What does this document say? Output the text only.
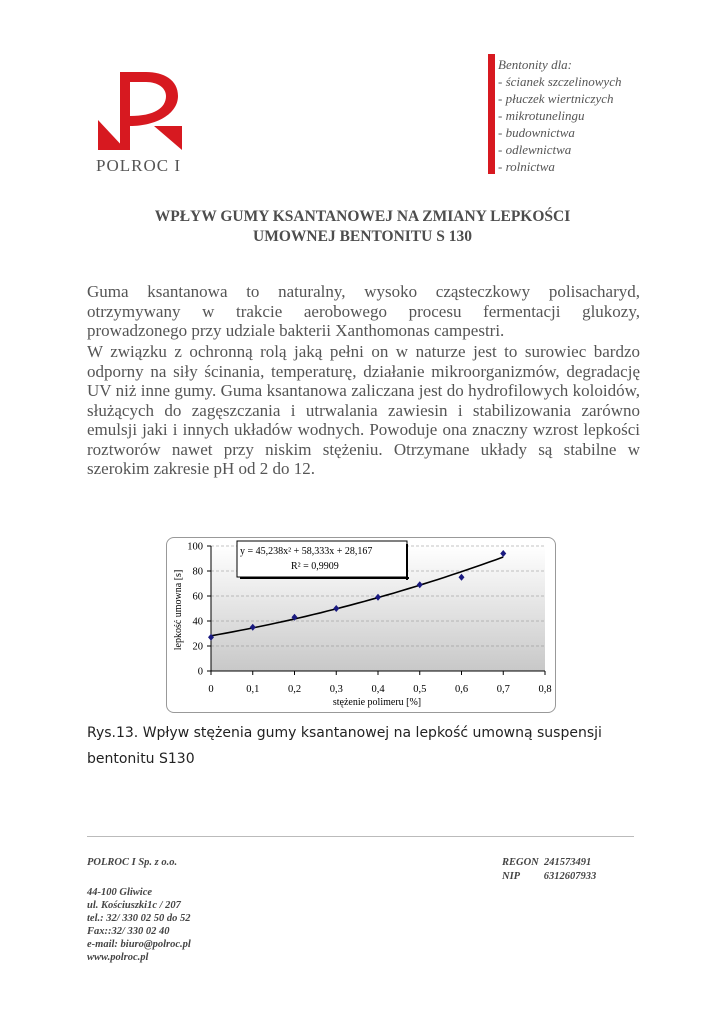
POLROC I
Bentonity dla:
- ścianek szczelinowych
- płuczek wiertniczych
- mikrotunelingu
- budownictwa
- odlewnictwa
- rolnictwa
WPŁYW GUMY KSANTANOWEJ NA ZMIANY LEPKOŚCI
UMOWNEJ BENTONITU S 130
Guma ksantanowa to naturalny, wysoko cząsteczkowy polisacharyd, otrzymywany w trakcie aerobowego procesu fermentacji glukozy, prowadzonego przy udziale bakterii Xanthomonas campestri.
W związku z ochronną rolą jaką pełni on w naturze jest to surowiec bardzo odporny na siły ścinania, temperaturę, działanie mikroorganizmów, degradację UV niż inne gumy. Guma ksantanowa zaliczana jest do hydrofilowych koloidów, służących do zagęszczania i utrwalania zawiesin i stabilizowania zarówno emulsji jaki i innych układów wodnych. Powoduje ona znaczny wzrost lepkości roztworów nawet przy niskim stężeniu. Otrzymane układy są stabilne w szerokim zakresie pH od 2 do 12.
0
20
40
60
80
100
0	0,1	0,2	0,3	0,4	0,5	0,6	0,7	0,8
y = 45,238x² + 58,333x + 28,167
R² = 0,9909
stężenie polimeru [%]
lepkość umowna [s]
Rys.13. Wpływ stężenia gumy ksantanowej na lepkość umowną suspensji
bentonitu S130
POLROC I Sp. z o.o.	REGON 241573491
NIP 6312607933
44-100 Gliwice
ul. Kościuszki1c / 207
tel.: 32/ 330 02 50 do 52
Fax::32/ 330 02 40
e-mail: biuro@polroc.pl
www.polroc.pl
